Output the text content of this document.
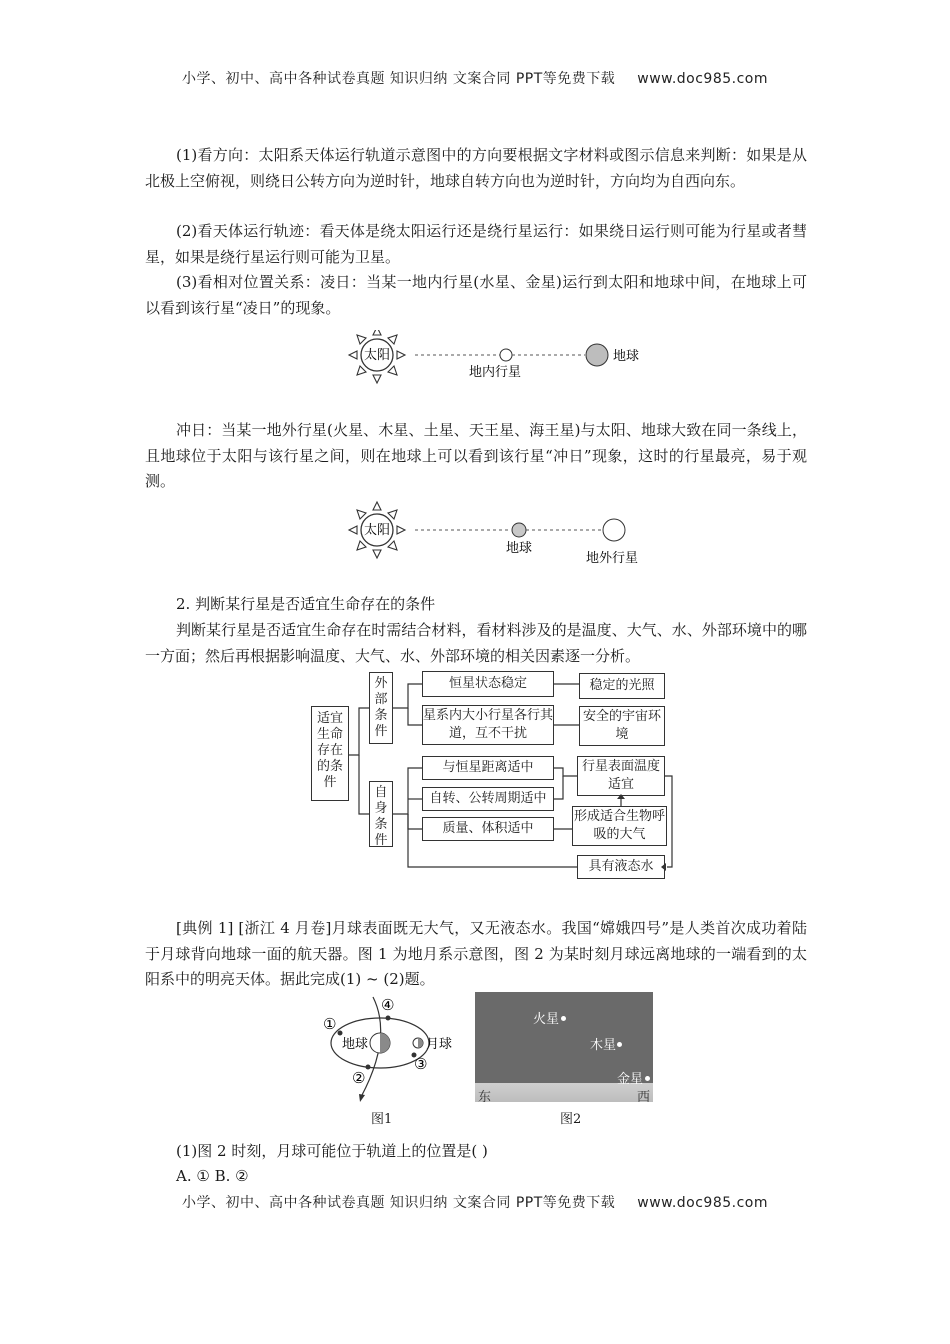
小学、初中、高中各种试卷真题 知识归纳 文案合同 PPT等免费下载 www.doc985.com
(1)看方向：太阳系天体运行轨道示意图中的方向要根据文字材料或图示信息来判断：如果是从北极上空俯视，则绕日公转方向为逆时针，地球自转方向也为逆时针，方向均为自西向东。
(2)看天体运行轨迹：看天体是绕太阳运行还是绕行星运行：如果绕日运行则可能为行星或者彗星，如果是绕行星运行则可能为卫星。
(3)看相对位置关系：凌日：当某一地内行星(水星、金星)运行到太阳和地球中间，在地球上可以看到该行星“凌日”的现象。
太阳
地内行星
地球
冲日：当某一地外行星(火星、木星、土星、天王星、海王星)与太阳、地球大致在同一条线上，且地球位于太阳与该行星之间，则在地球上可以看到该行星“冲日”现象，这时的行星最亮，易于观测。
太阳
地球
地外行星
2. 判断某行星是否适宜生命存在的条件
判断某行星是否适宜生命存在时需结合材料，看材料涉及的是温度、大气、水、外部环境中的哪一方面；然后再根据影响温度、大气、水、外部环境的相关因素逐一分析。
适宜生命存在的条件
外部条件
自身条件
恒星状态稳定	稳定的光照
星系内大小行星各行其道，互不干扰
安全的宇宙环境
与恒星距离适中
自转、公转周期适中
质量、体积适中
行星表面温度适宜
形成适合生物呼吸的大气
具有液态水
[典例 1] [浙江 4 月卷]月球表面既无大气，又无液态水。我国“嫦娥四号”是人类首次成功着陆于月球背向地球一面的航天器。图 1 为地月系示意图，图 2 为某时刻月球远离地球的一端看到的太阳系中的明亮天体。据此完成(1) ~ (2)题。
地球	月球
①
②
③
④
图1
火星
木星
金星
东	西
图2
(1)图 2 时刻，月球可能位于轨道上的位置是( )
A. ① B. ②
小学、初中、高中各种试卷真题 知识归纳 文案合同 PPT等免费下载 www.doc985.com
